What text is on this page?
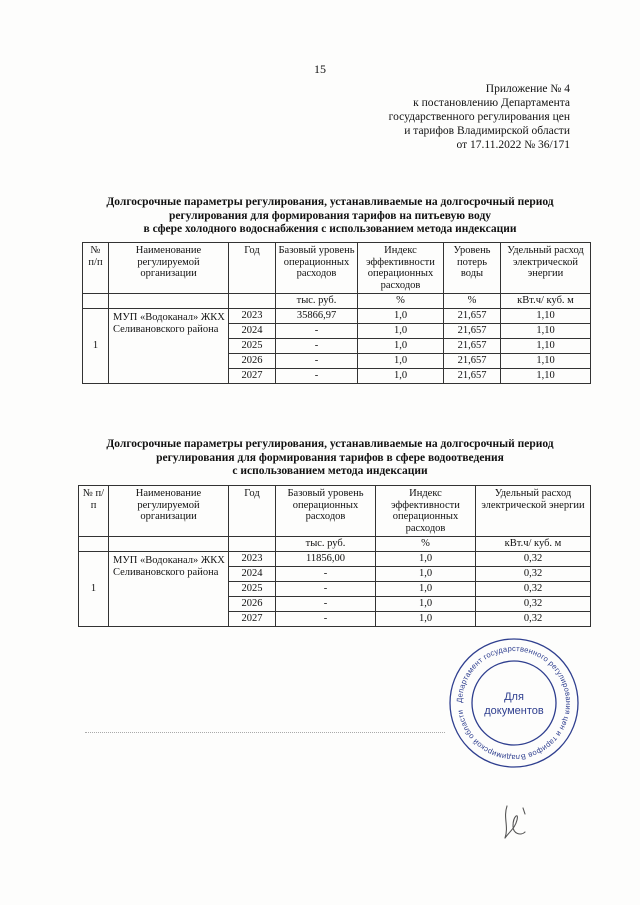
15
Приложение № 4
к постановлению Департамента
государственного регулирования цен
и тарифов Владимирской области
от 17.11.2022 № 36/171
Долгосрочные параметры регулирования, устанавливаемые на долгосрочный период
регулирования для формирования тарифов на питьевую воду
в сфере холодного водоснабжения с использованием метода индексации
№ п/п	Наименование регулируемой организации	Год	Базовый уровень операционных расходов	Индекс эффективности операционных расходов	Уровень потерь воды	Удельный расход электрической энергии
			тыс. руб.	%	%	кВт.ч/ куб. м
1	МУП «Водоканал» ЖКХ Селивановского района	2023	35866,97	1,0	21,657	1,10
		2024	-	1,0	21,657	1,10
		2025	-	1,0	21,657	1,10
		2026	-	1,0	21,657	1,10
		2027	-	1,0	21,657	1,10
Долгосрочные параметры регулирования, устанавливаемые на долгосрочный период
регулирования для формирования тарифов в сфере водоотведения
с использованием метода индексации
№ п/п	Наименование регулируемой организации	Год	Базовый уровень операционных расходов	Индекс эффективности операционных расходов	Удельный расход электрической энергии
			тыс. руб.	%	кВт.ч/ куб. м
1	МУП «Водоканал» ЖКХ Селивановского района	2023	11856,00	1,0	0,32
		2024	-	1,0	0,32
		2025	-	1,0	0,32
		2026	-	1,0	0,32
		2027	-	1,0	0,32
Департамент государственного регулирования цен и тарифов Владимирской области
Для
документов
